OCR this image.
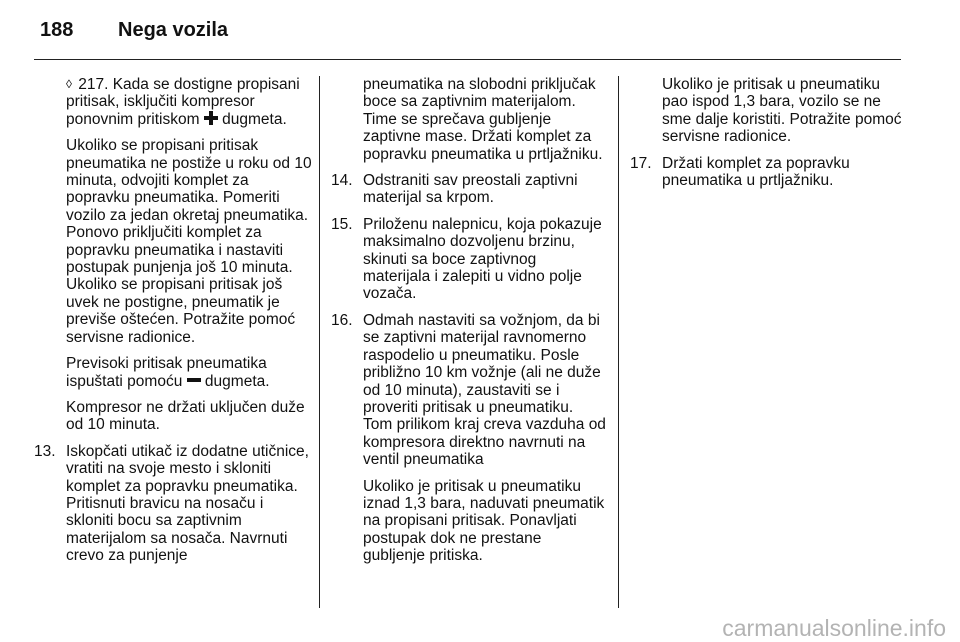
188 Nega vozila

◊ 217. Kada se dostigne propisani pritisak, isključiti kompresor ponovnim pritiskom  dugmeta.

Ukoliko se propisani pritisak pneumatika ne postiže u roku od 10 minuta, odvojiti komplet za popravku pneumatika. Pomeriti vozilo za jedan okretaj pneumatika. Ponovo priključiti komplet za popravku pneumatika i nastaviti postupak punjenja još 10 minuta. Ukoliko se propisani pritisak još uvek ne postigne, pneumatik je previše oštećen. Potražite pomoć servisne radionice.

Previsoki pritisak pneumatika ispuštati pomoću  dugmeta.

Kompresor ne držati uključen duže od 10 minuta.

13. Iskopčati utikač iz dodatne utičnice, vratiti na svoje mesto i skloniti komplet za popravku pneumatika. Pritisnuti bravicu na nosaču i skloniti bocu sa zaptivnim materijalom sa nosača. Navrnuti crevo za punjenje

pneumatika na slobodni priključak boce sa zaptivnim materijalom. Time se sprečava gubljenje zaptivne mase. Držati komplet za popravku pneumatika u prtljažniku.

14. Odstraniti sav preostali zaptivni materijal sa krpom.
15. Priloženu nalepnicu, koja pokazuje maksimalno dozvoljenu brzinu, skinuti sa boce zaptivnog materijala i zalepiti u vidno polje vozača.
16. Odmah nastaviti sa vožnjom, da bi se zaptivni materijal ravnomerno raspodelio u pneumatiku. Posle približno 10 km vožnje (ali ne duže od 10 minuta), zaustaviti se i proveriti pritisak u pneumatiku. Tom prilikom kraj creva vazduha od kompresora direktno navrnuti na ventil pneumatika

Ukoliko je pritisak u pneumatiku iznad 1,3 bara, naduvati pneumatik na propisani pritisak. Ponavljati postupak dok ne prestane gubljenje pritiska.

Ukoliko je pritisak u pneumatiku pao ispod 1,3 bara, vozilo se ne sme dalje koristiti. Potražite pomoć servisne radionice.

17. Držati komplet za popravku pneumatika u prtljažniku.
carmanualsonline.info
